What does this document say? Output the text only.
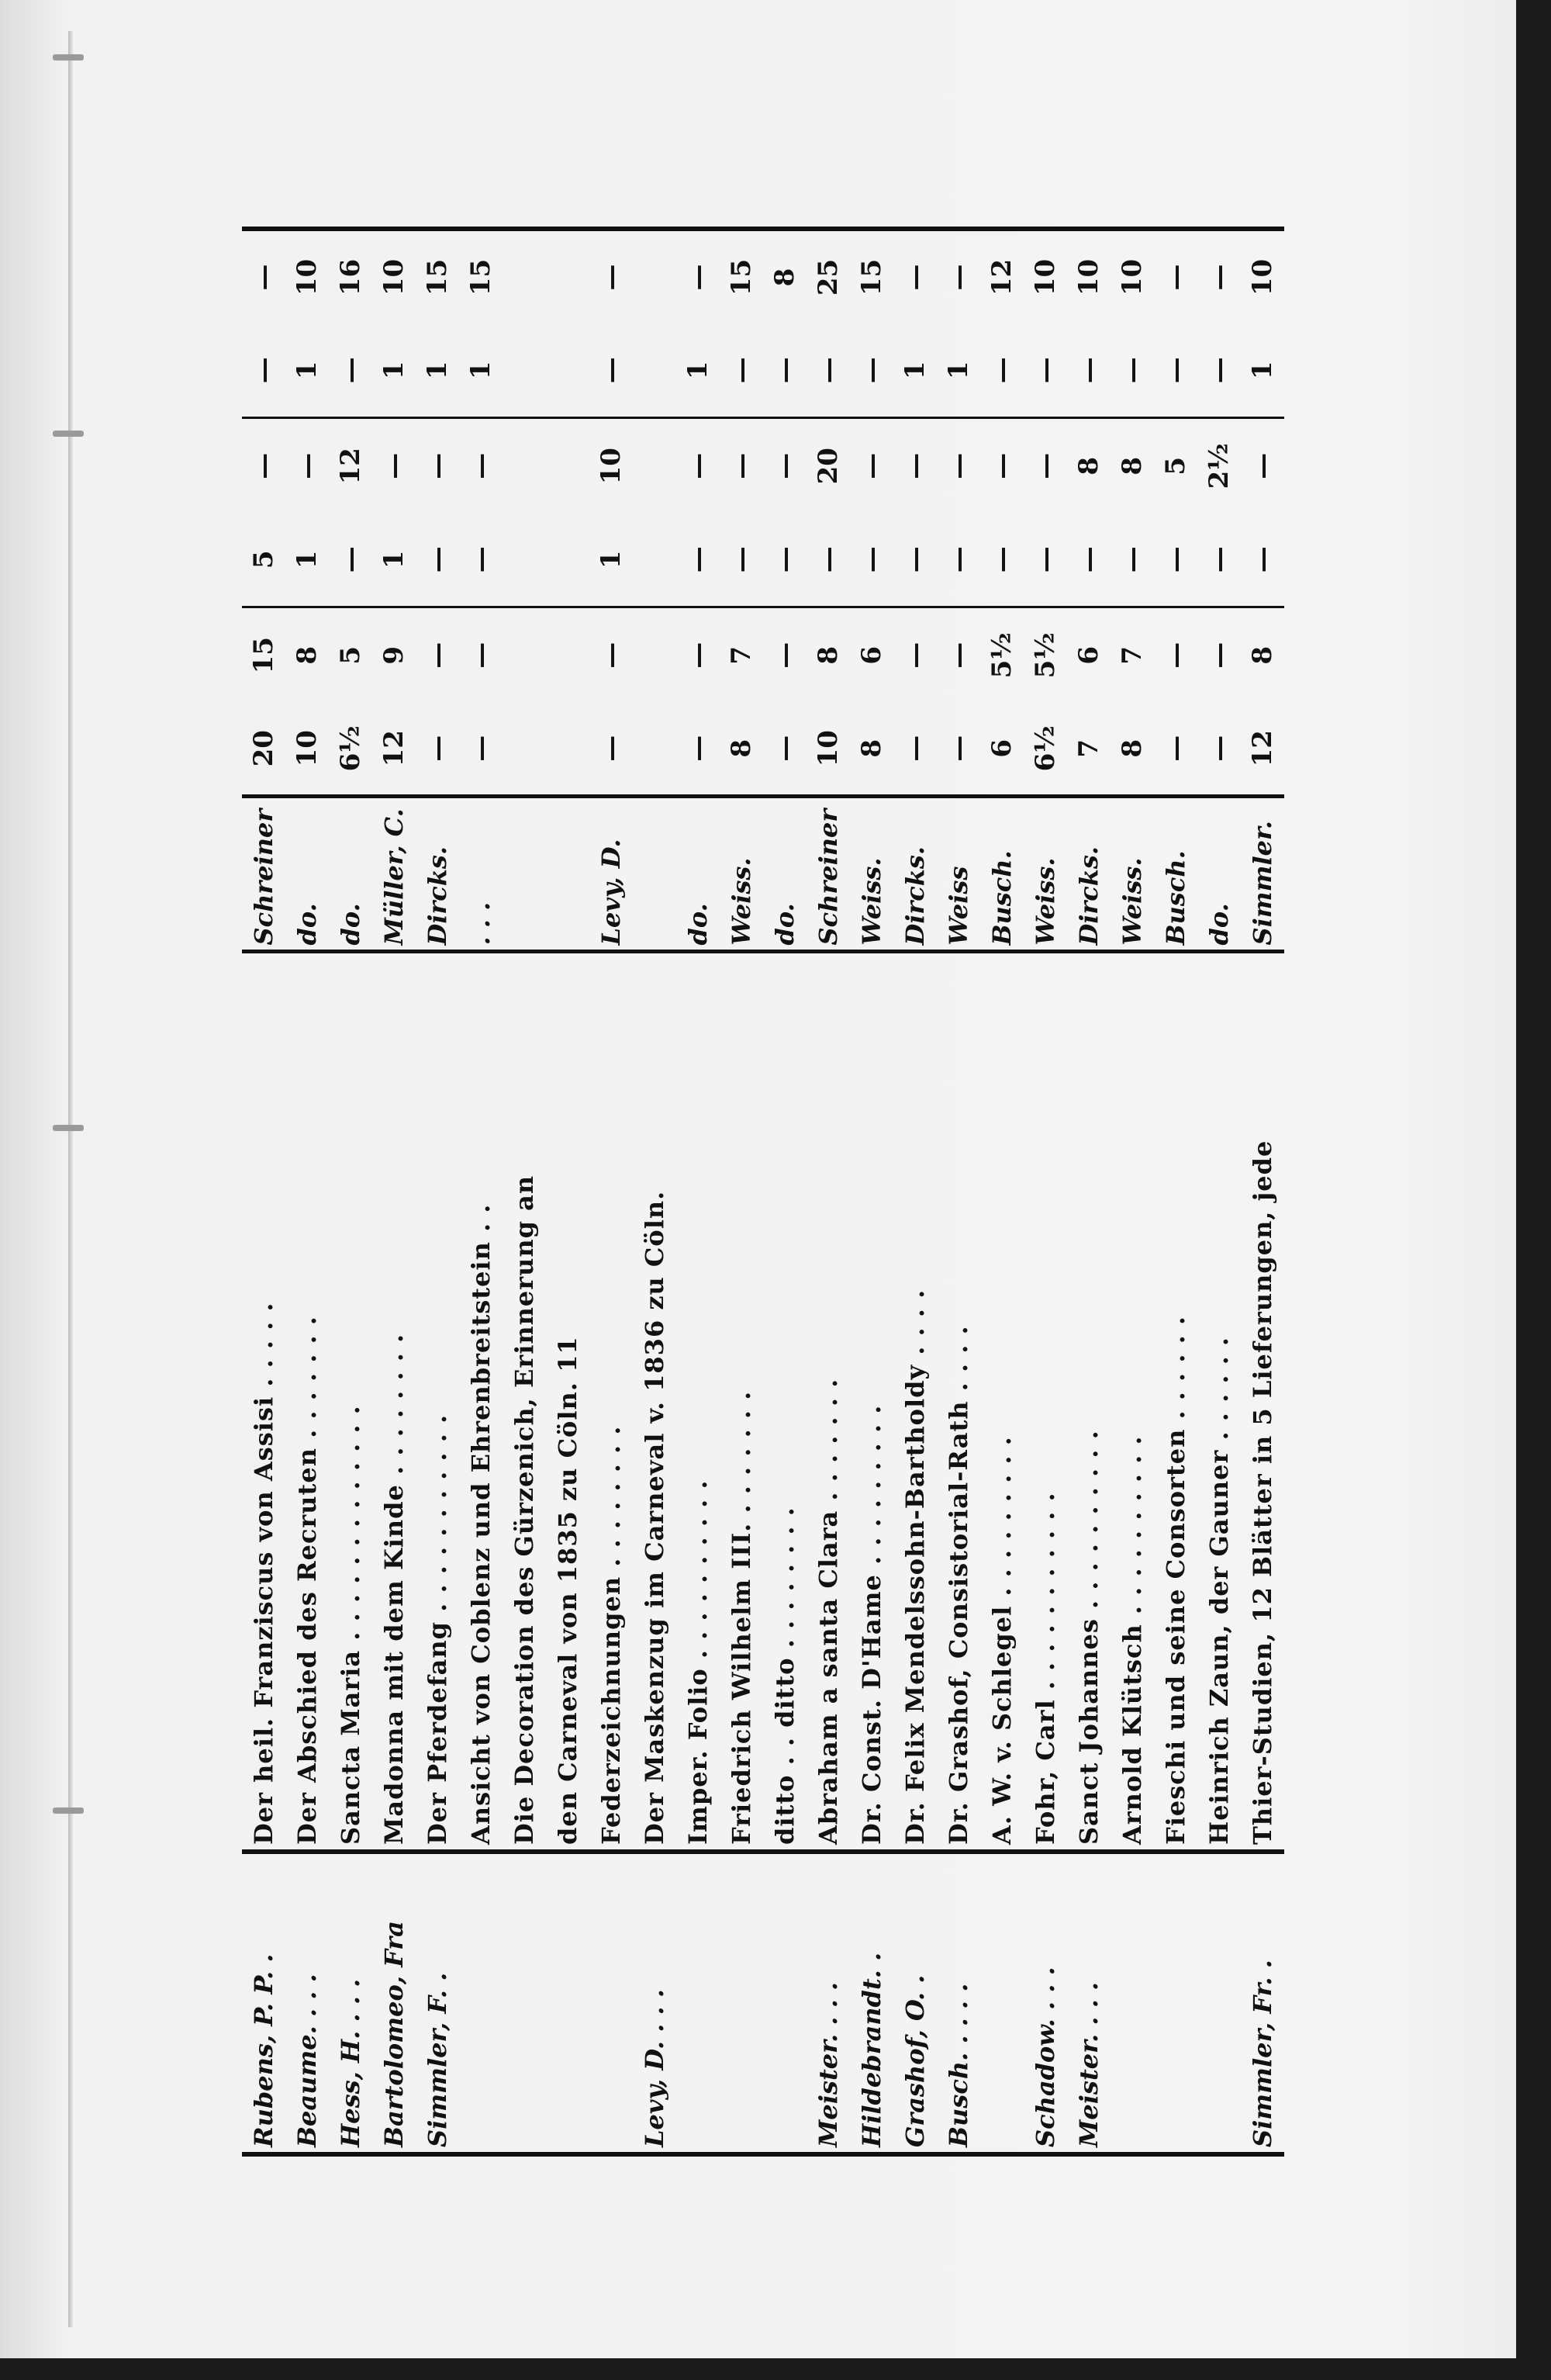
Rubens, P. P. .	Der heil. Franziscus von Assisi . . . . .	Schreiner	20	15	5	—	—	—
Beaume. . . .	Der Abschied des Recruten . . . . . . .	do.	10	8	1	—	1	10
Hess, H. . . .	Sancta Maria . . . . . . . . . . . . .	do.	6½	5	—	12	—	16
Bartolomeo, Fra	Madonna mit dem Kinde . . . . . . . .	Müller, C.	12	9	1	—	1	10
Simmler, F. .	Der Pferdefang . . . . . . . . . . .	Dircks.	—	—	—	—	1	15
	Ansicht von Coblenz und Ehrenbreitstein . .	. . .	—	—	—	—	1	15
	Die Decoration des Gürzenich, Erinnerung an							
	den Carneval von 1835 zu Cöln. 11							
	Federzeichnungen . . . . . . . .	Levy, D.	—	—	1	10	—	—
Levy, D. . . .	Der Maskenzug im Carneval v. 1836 zu Cöln.							
	Imper. Folio . . . . . . . . . .	do.	—	—	—	—	1	—
	Friedrich Wilhelm III. . . . . . . .	Weiss.	8	7	—	—	—	15
	ditto . . ditto . . . . . . . .	do.	—	—	—	—	—	8
Meister. . . .	Abraham a santa Clara . . . . . . .	Schreiner	10	8	—	20	—	25
Hildebrandt. .	Dr. Const. D'Hame . . . . . . . . .	Weiss.	8	6	—	—	—	15
Grashof, O. .	Dr. Felix Mendelssohn-Bartholdy . . . .	Dircks.	—	—	—	—	1	—
Busch. . . . .	Dr. Grashof, Consistorial-Rath . . . .	Weiss	—	—	—	—	1	—
	A. W. v. Schlegel . . . . . . . . .	Busch.	6	5½	—	—	—	12
Schadow. . . .	Fohr, Carl . . . . . . . . . . .	Weiss.	6½	5½	—	—	—	10
Meister. . . .	Sanct Johannes . . . . . . . . . .	Dircks.	7	6	—	8	—	10
	Arnold Klütsch . . . . . . . . . .	Weiss.	8	7	—	8	—	10
	Fieschi und seine Consorten . . . . . .	Busch.	—	—	—	5	—	—
	Heinrich Zaun, der Gauner . . . . . .	do.	—	—	—	2½	—	—
Simmler, Fr. .	Thier-Studien, 12 Blätter in 5 Lieferungen, jede	Simmler.	12	8	—	—	1	10
